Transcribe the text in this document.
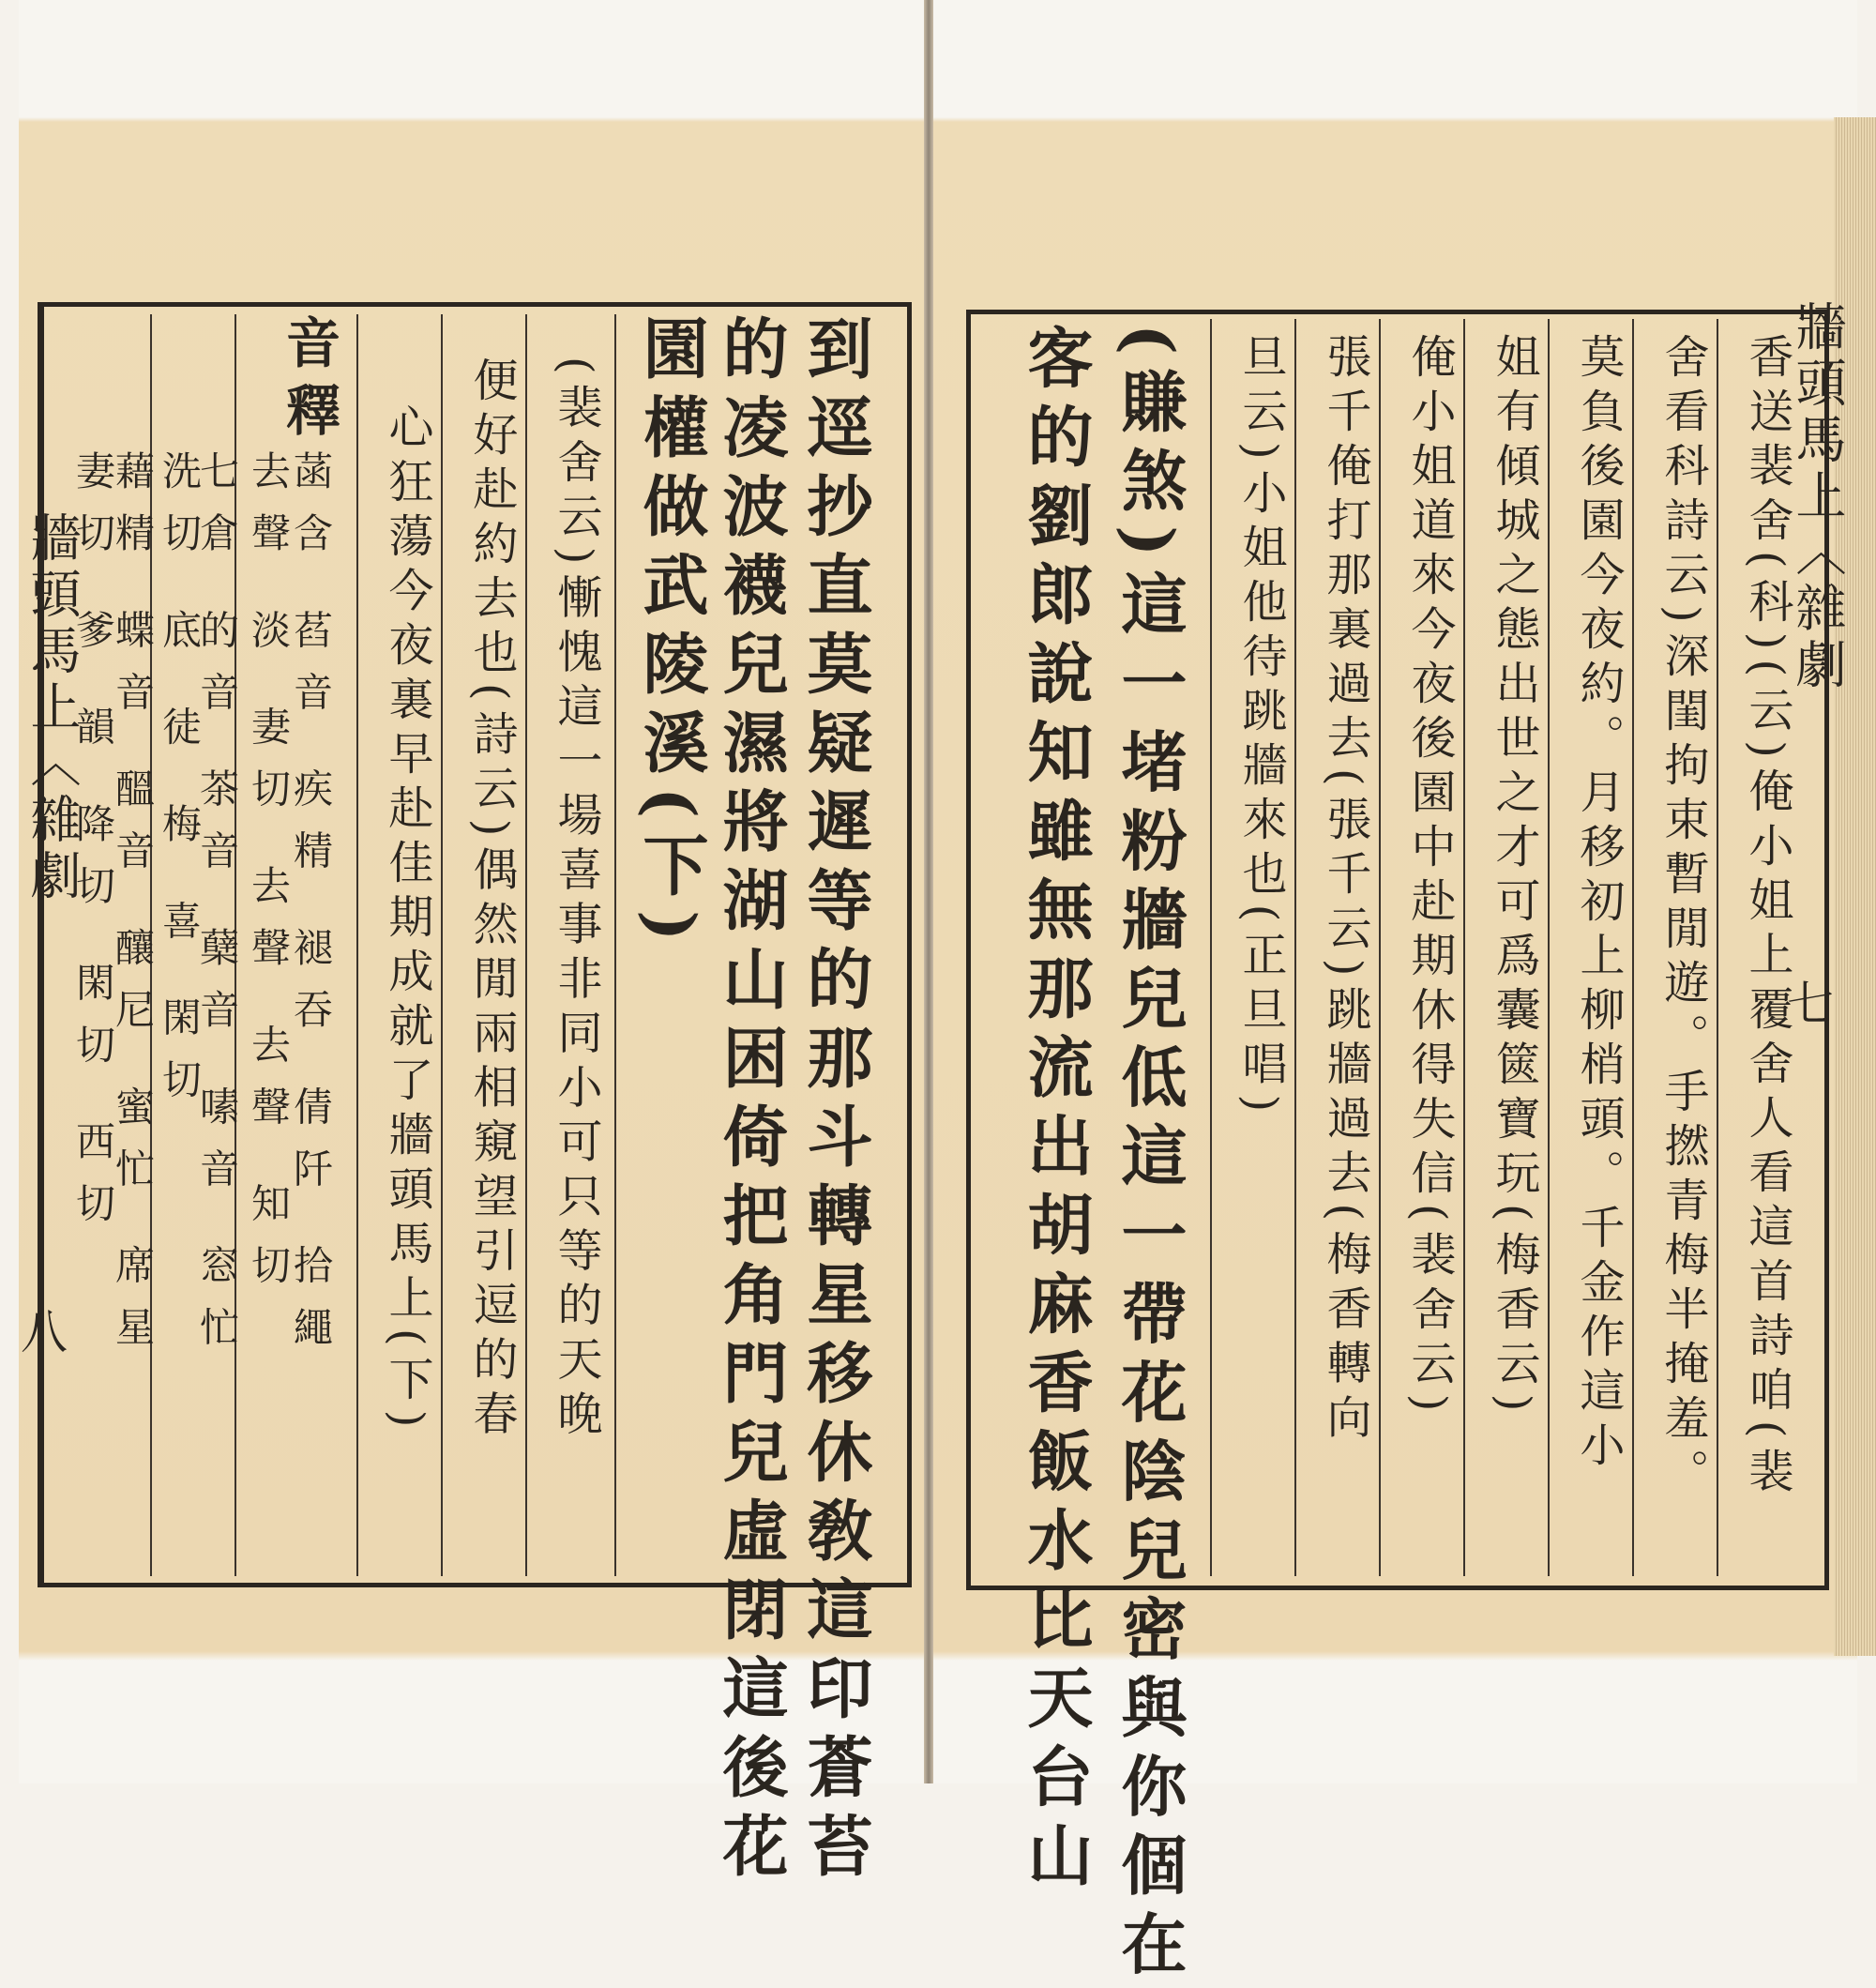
牆頭馬上〈雜劇
八	到逕抄直莫疑遲等的那斗轉星移休敎這印蒼苔
的凌波襪兒濕將湖山困倚把角門兒虛閉這後花
園權做武陵溪(下)
(裴舍云)慚愧這一場喜事非同小可只等的天晚
便好赴約去也(詩云)偶然閒兩相窺望引逗的春
心狂蕩今夜裏早赴佳期成就了牆頭馬上(下)
音釋
菡含 萏音 疾精 褪吞 倩阡 拾繩
去聲 淡 妻切 去聲 去聲 知切
七倉 的音 茶音 蘖音 嗉音 窓忙
洗切 底 徒 梅 喜 閑切
藉精 蝶音 醞音 釀尼 蜜忙 席星
妻切 爹 韻 降切 閑切 西切	牆頭馬上〈雜劇
七
香送裴舍(科)(云)俺小姐上覆舍人看這首詩咱(裴
舍看科詩云)深閨拘束暫閒遊。手撚青梅半掩羞。
莫負後園今夜約。月移初上柳梢頭。千金作這小
姐有傾城之態出世之才可爲囊篋寶玩(梅香云)
俺小姐道來今夜後園中赴期休得失信(裴舍云)
張千俺打那裏過去(張千云)跳牆過去(梅香轉向
旦云)小姐他待跳牆來也(正旦唱)
(賺煞)這一堵粉牆兒低這一帶花陰兒密與你個在
客的劉郎說知雖無那流出胡麻香飯水比天台山
